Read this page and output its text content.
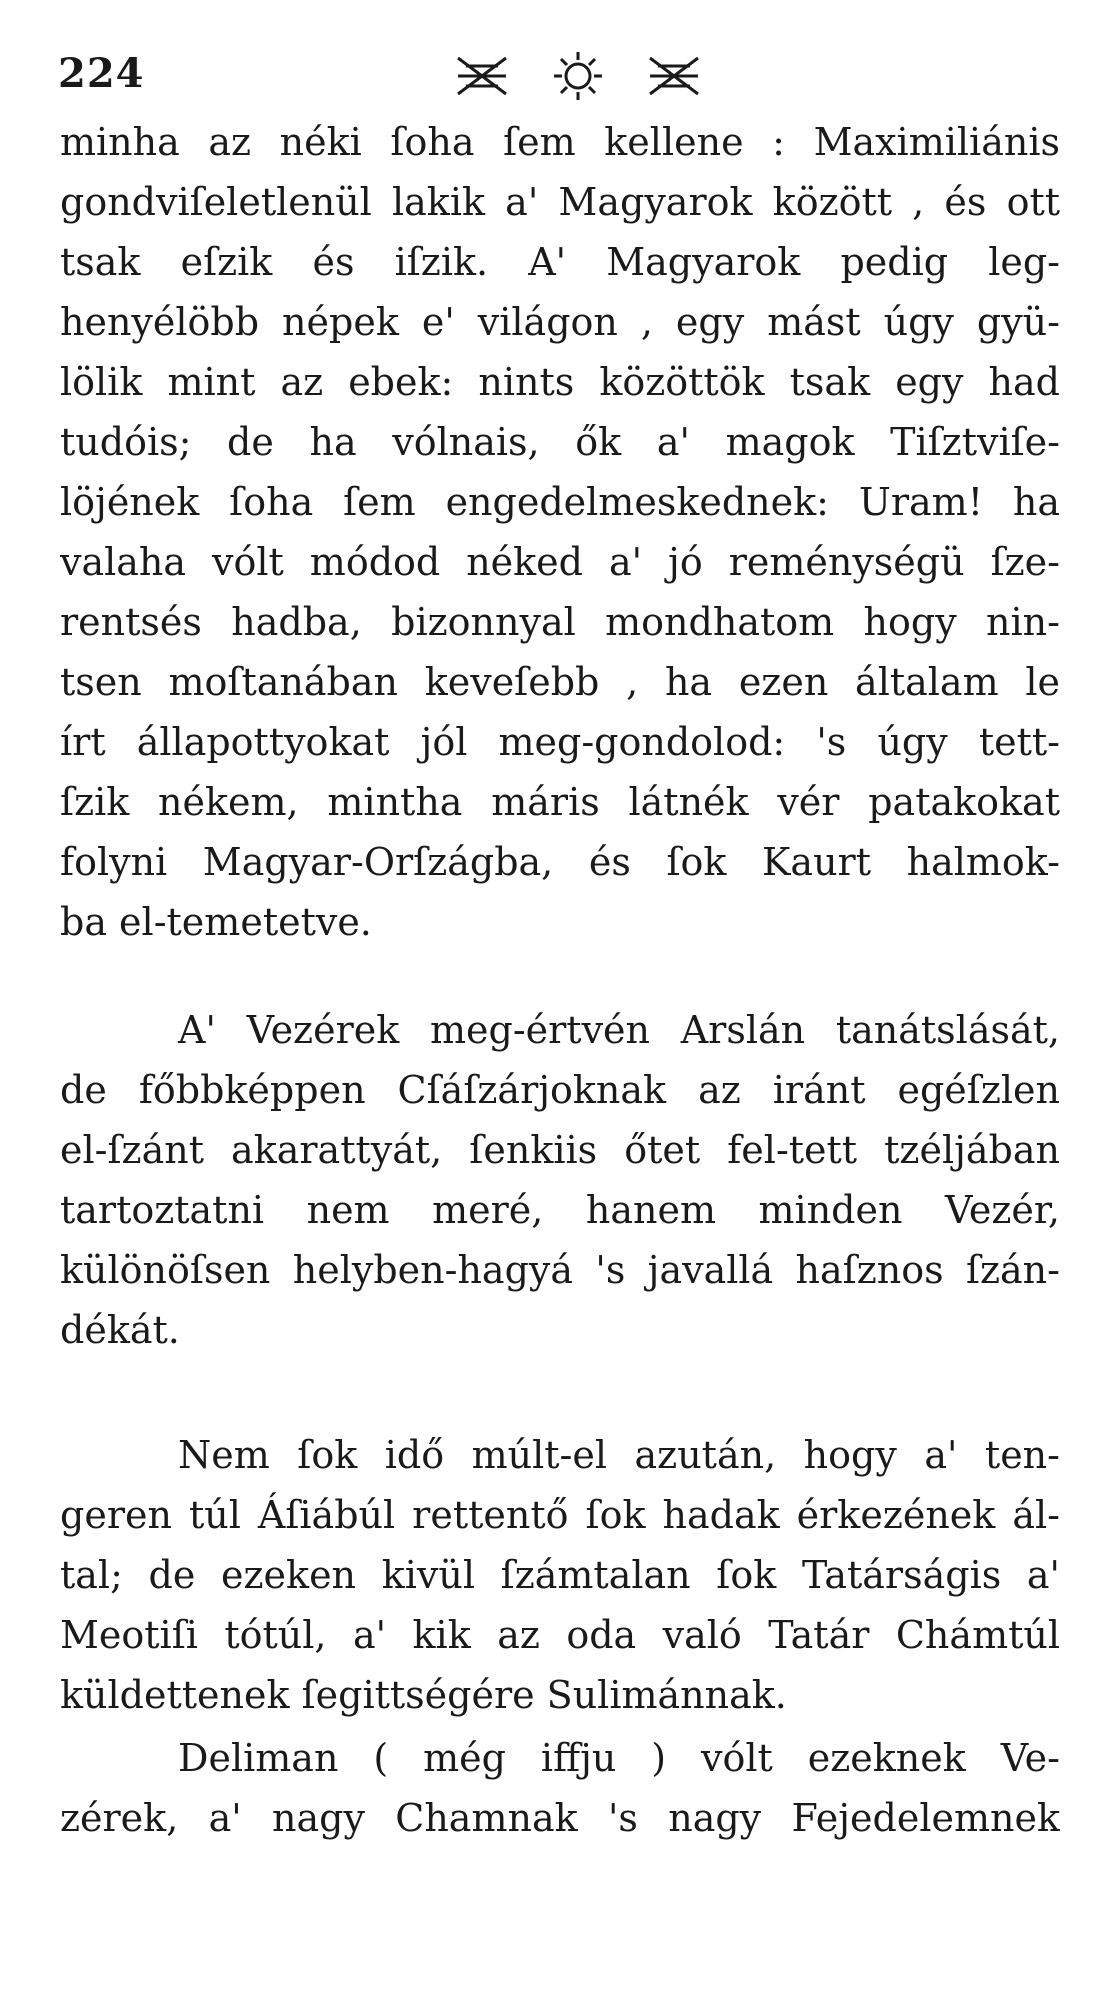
224
minha az néki ſoha ſem kellene : Maximiliánis
gondviſeletlenül lakik a' Magyarok között , és ott
tsak eſzik és iſzik. A' Magyarok pedig leg-
henyélöbb népek e' világon , egy mást úgy gyü-
lölik mint az ebek: nints közöttök tsak egy had
tudóis; de ha vólnais, ők a' magok Tiſztviſe-
löjének ſoha ſem engedelmeskednek: Uram! ha
valaha vólt módod néked a' jó reménységü ſze-
rentsés hadba, bizonnyal mondhatom hogy nin-
tsen moſtanában keveſebb , ha ezen általam le
írt állapottyokat jól meg-gondolod: 's úgy tett-
ſzik nékem, mintha máris látnék vér patakokat
folyni Magyar-Orſzágba, és ſok Kaurt halmok-
ba el-temetetve.
A' Vezérek meg-értvén Arslán tanátslását,
de főbbképpen Cſáſzárjoknak az iránt egéſzlen
el-ſzánt akarattyát, ſenkiis őtet fel-tett tzéljában
tartoztatni nem meré, hanem minden Vezér,
különöſsen helyben-hagyá 's javallá haſznos ſzán-
dékát.
Nem ſok idő múlt-el azután, hogy a' ten-
geren túl Áſiábúl rettentő ſok hadak érkezének ál-
tal; de ezeken kivül ſzámtalan ſok Tatárságis a'
Meotiſi tótúl, a' kik az oda való Tatár Chámtúl
küldettenek ſegittségére Sulimánnak.
Deliman ( még iffju ) vólt ezeknek Ve-
zérek, a' nagy Chamnak 's nagy Fejedelemnek
